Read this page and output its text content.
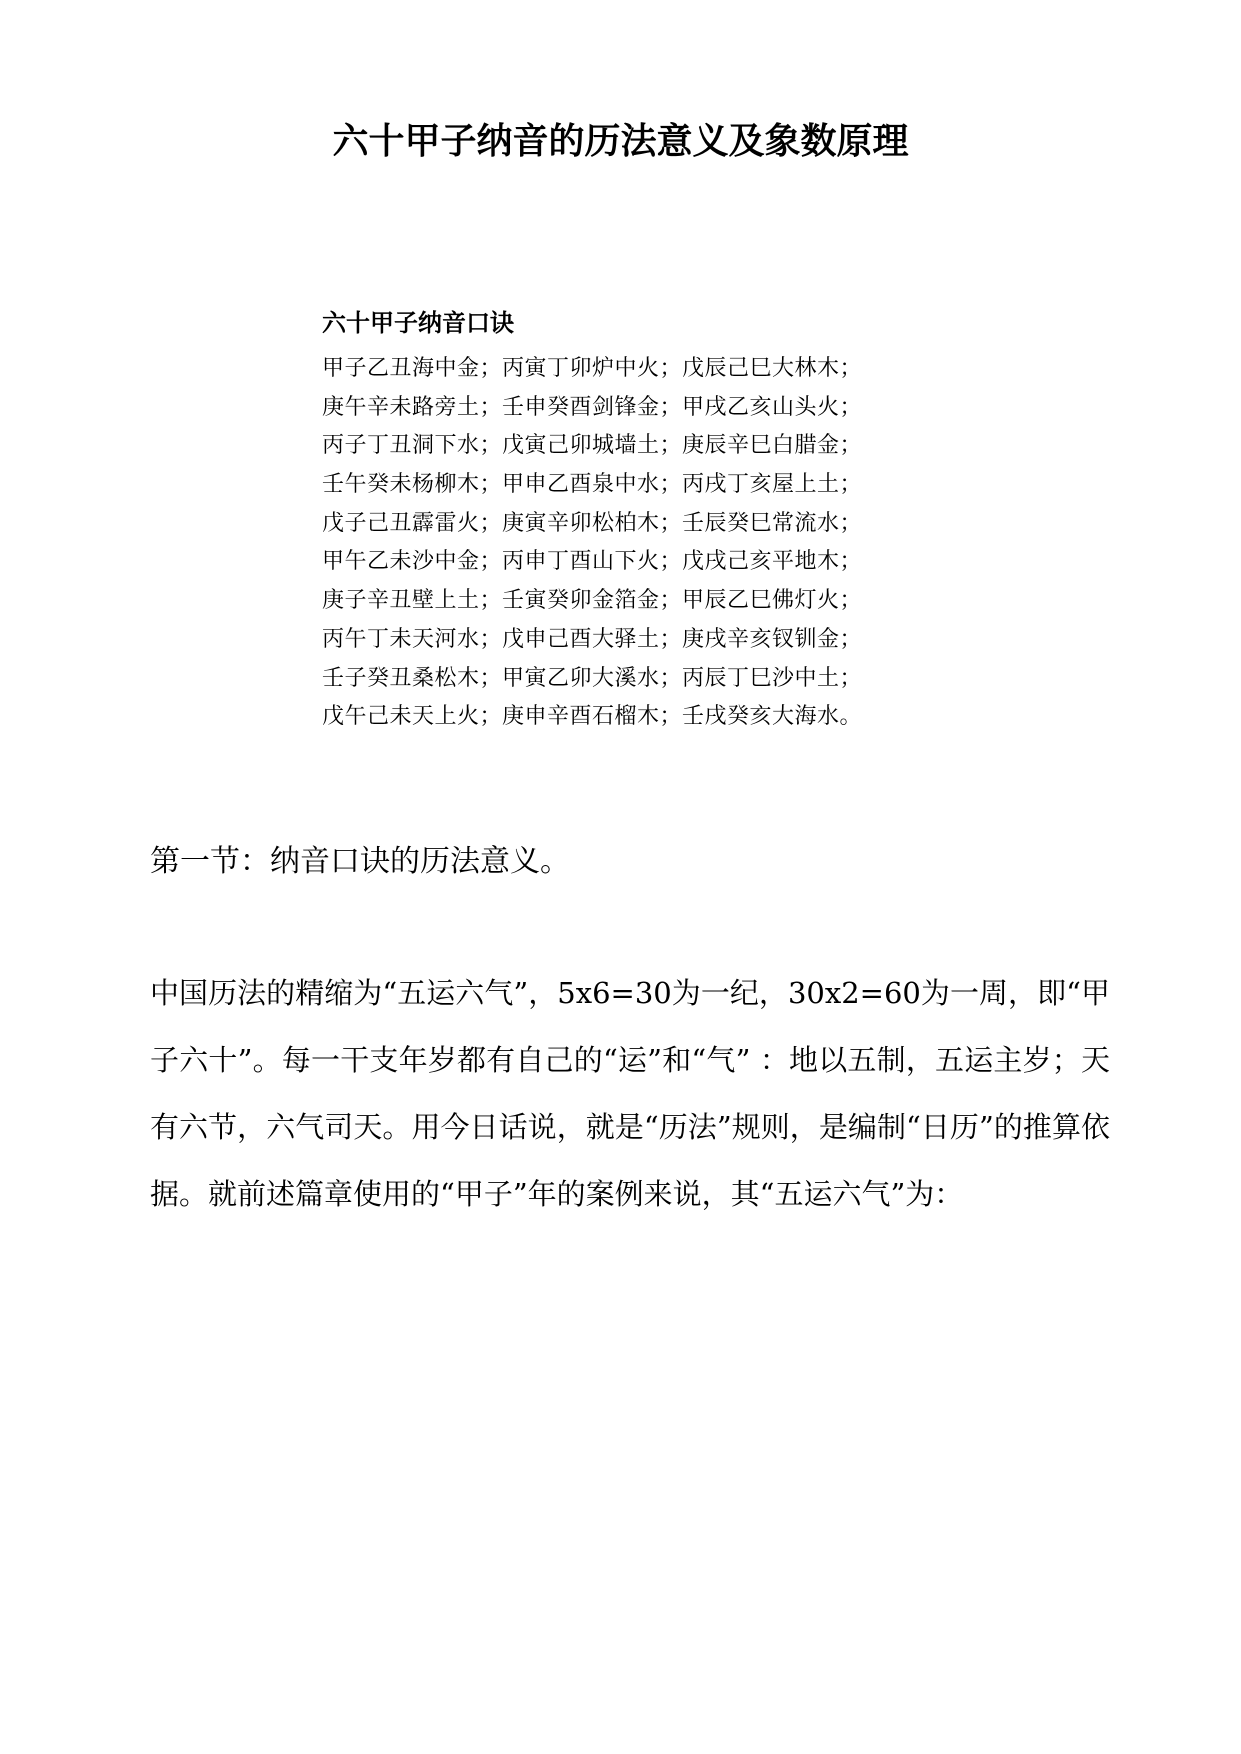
六十甲子纳音的历法意义及象数原理
六十甲子纳音口诀
甲子乙丑海中金；丙寅丁卯炉中火；戊辰己巳大林木；
庚午辛未路旁土；壬申癸酉剑锋金；甲戌乙亥山头火；
丙子丁丑洞下水；戊寅己卯城墙土；庚辰辛巳白腊金；
壬午癸未杨柳木；甲申乙酉泉中水；丙戌丁亥屋上土；
戊子己丑霹雷火；庚寅辛卯松柏木；壬辰癸巳常流水；
甲午乙未沙中金；丙申丁酉山下火；戊戌己亥平地木；
庚子辛丑壁上土；壬寅癸卯金箔金；甲辰乙巳佛灯火；
丙午丁未天河水；戊申己酉大驿土；庚戌辛亥钗钏金；
壬子癸丑桑松木；甲寅乙卯大溪水；丙辰丁巳沙中土；
戊午己未天上火；庚申辛酉石榴木；壬戌癸亥大海水。
第一节：纳音口诀的历法意义。

中国历法的精缩为“五运六气”，5x6=30为一纪，30x2=60为一周，即“甲子六十”。每一干支年岁都有自己的“运”和“气” ：地以五制，五运主岁；天有六节，六气司天。用今日话说，就是“历法”规则，是编制“日历”的推算依据。就前述篇章使用的“甲子”年的案例来说，其“五运六气”为：
